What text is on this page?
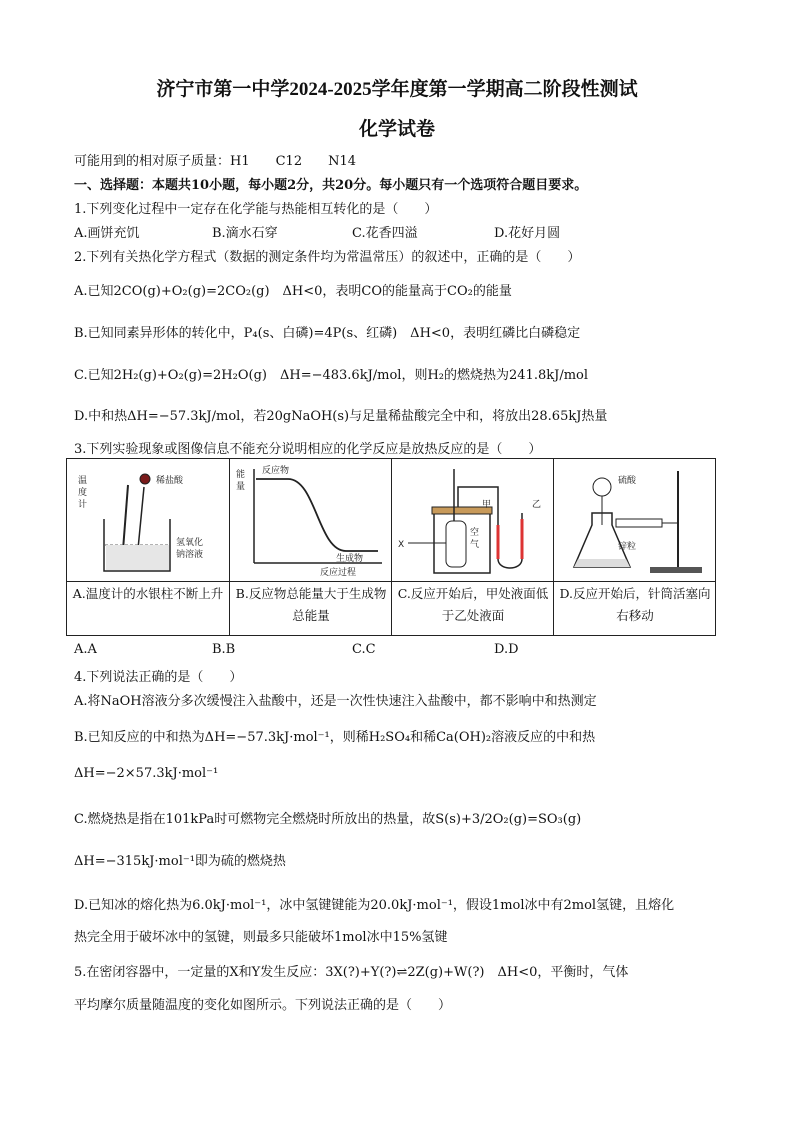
济宁市第一中学2024-2025学年度第一学期高二阶段性测试
化学试卷
可能用到的相对原子质量：H1　　C12　　N14
一、选择题：本题共10小题，每小题2分，共20分。每小题只有一个选项符合题目要求。
1.下列变化过程中一定存在化学能与热能相互转化的是（　　）
A.画饼充饥	B.滴水石穿	C.花香四溢	D.花好月圆
2.下列有关热化学方程式（数据的测定条件均为常温常压）的叙述中，正确的是（　　）
A.已知2CO(g)+O₂(g)=2CO₂(g)　ΔH<0，表明CO的能量高于CO₂的能量
B.已知同素异形体的转化中，P₄(s、白磷)=4P(s、红磷)　ΔH<0，表明红磷比白磷稳定
C.已知2H₂(g)+O₂(g)=2H₂O(g)　ΔH=−483.6kJ/mol，则H₂的燃烧热为241.8kJ/mol
D.中和热ΔH=−57.3kJ/mol，若20gNaOH(s)与足量稀盐酸完全中和，将放出28.65kJ热量
3.下列实验现象或图像信息不能充分说明相应的化学反应是放热反应的是（　　）
温
度
计
稀盐酸
氢氧化
钠溶液
能
量
反应物
生成物
反应过程
X
甲	乙
空
气
硫酸
锌粒
A.温度计的水银柱不断上升 B.反应物总能量大于生成物总能量
C.反应开始后，甲处液面低于乙处液面
D.反应开始后，针筒活塞向右移动
A.A	B.B	C.C	D.D
4.下列说法正确的是（　　）
A.将NaOH溶液分多次缓慢注入盐酸中，还是一次性快速注入盐酸中，都不影响中和热测定
B.已知反应的中和热为ΔH=−57.3kJ·mol⁻¹，则稀H₂SO₄和稀Ca(OH)₂溶液反应的中和热
ΔH=−2×57.3kJ·mol⁻¹
C.燃烧热是指在101kPa时可燃物完全燃烧时所放出的热量，故S(s)+3/2O₂(g)=SO₃(g)
ΔH=−315kJ·mol⁻¹即为硫的燃烧热
D.已知冰的熔化热为6.0kJ·mol⁻¹，冰中氢键键能为20.0kJ·mol⁻¹，假设1mol冰中有2mol氢键，且熔化
热完全用于破坏冰中的氢键，则最多只能破坏1mol冰中15%氢键
5.在密闭容器中，一定量的X和Y发生反应：3X(?)+Y(?)⇌2Z(g)+W(?)　ΔH<0，平衡时，气体
平均摩尔质量随温度的变化如图所示。下列说法正确的是（　　）
